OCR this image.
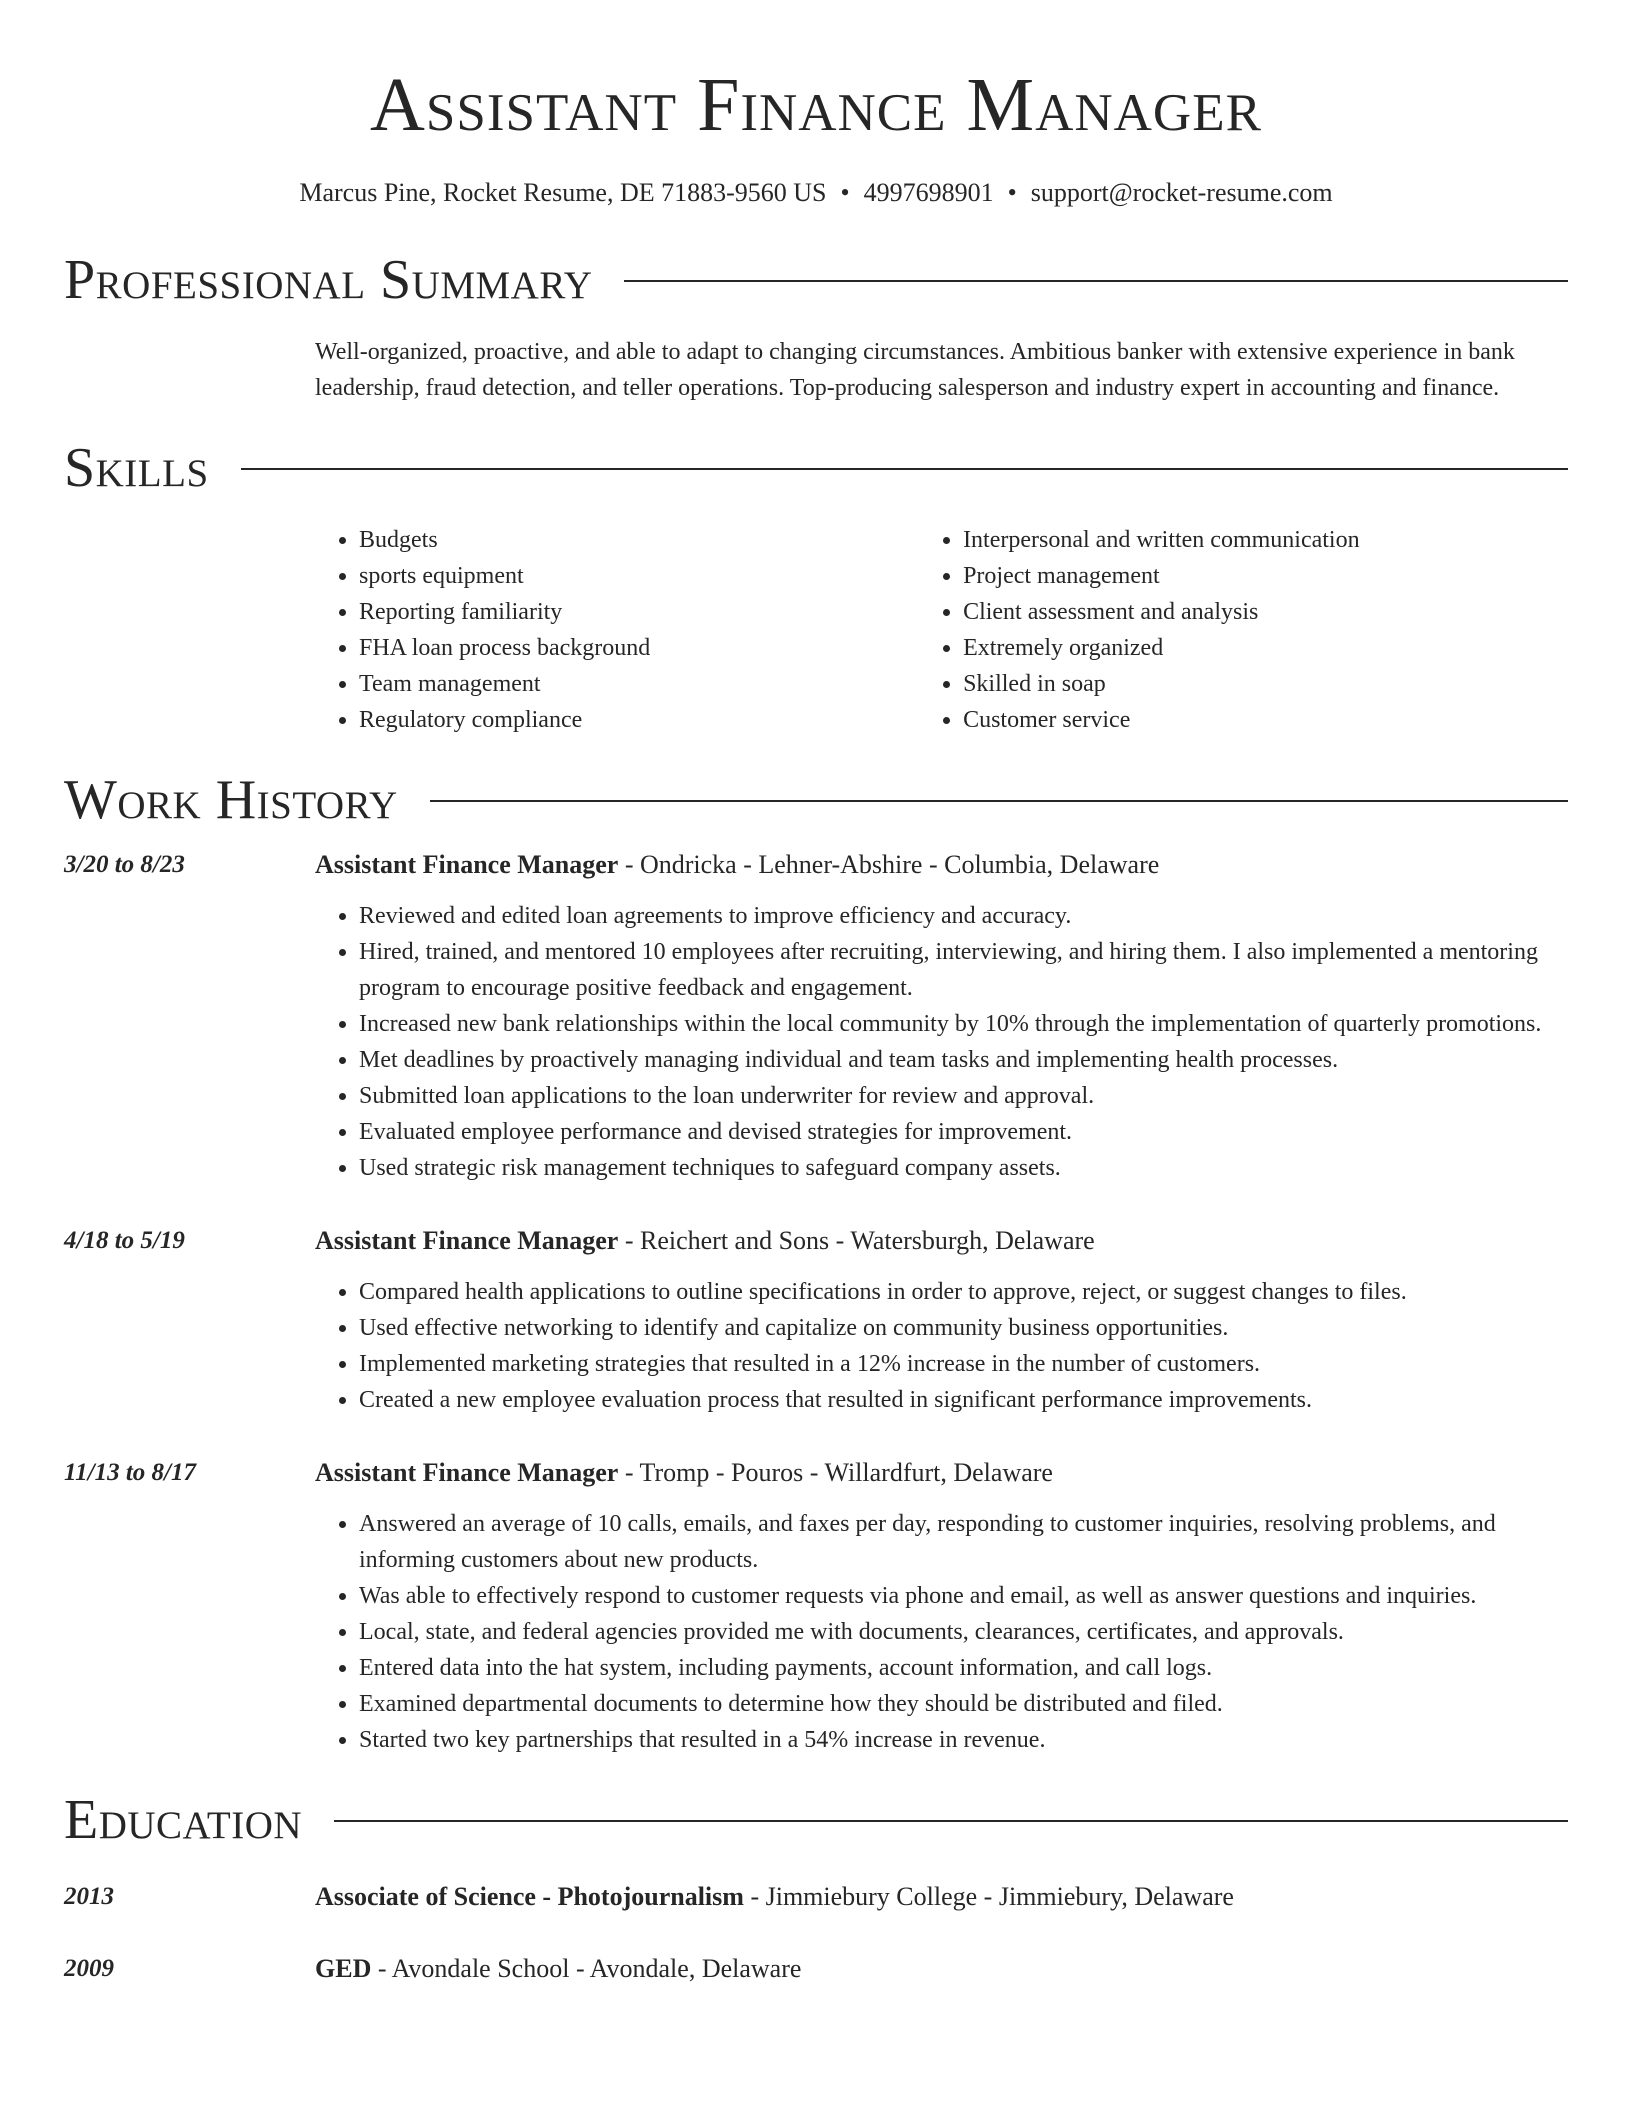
Assistant Finance Manager
Marcus Pine, Rocket Resume, DE 71883-9560 US • 4997698901 • support@rocket-resume.com
Professional Summary
Well-organized, proactive, and able to adapt to changing circumstances. Ambitious banker with extensive experience in bank leadership, fraud detection, and teller operations. Top-producing salesperson and industry expert in accounting and finance.
Skills
• Budgets
• sports equipment
• Reporting familiarity
• FHA loan process background
• Team management
• Regulatory compliance
• Interpersonal and written communication
• Project management
• Client assessment and analysis
• Extremely organized
• Skilled in soap
• Customer service
Work History
3/20 to 8/23	Assistant Finance Manager - Ondricka - Lehner-Abshire - Columbia, Delaware
• Reviewed and edited loan agreements to improve efficiency and accuracy.
• Hired, trained, and mentored 10 employees after recruiting, interviewing, and hiring them. I also implemented a mentoring program to encourage positive feedback and engagement.
• Increased new bank relationships within the local community by 10% through the implementation of quarterly promotions.
• Met deadlines by proactively managing individual and team tasks and implementing health processes.
• Submitted loan applications to the loan underwriter for review and approval.
• Evaluated employee performance and devised strategies for improvement.
• Used strategic risk management techniques to safeguard company assets.
4/18 to 5/19	Assistant Finance Manager - Reichert and Sons - Watersburgh, Delaware
• Compared health applications to outline specifications in order to approve, reject, or suggest changes to files.
• Used effective networking to identify and capitalize on community business opportunities.
• Implemented marketing strategies that resulted in a 12% increase in the number of customers.
• Created a new employee evaluation process that resulted in significant performance improvements.
11/13 to 8/17	Assistant Finance Manager - Tromp - Pouros - Willardfurt, Delaware
• Answered an average of 10 calls, emails, and faxes per day, responding to customer inquiries, resolving problems, and informing customers about new products.
• Was able to effectively respond to customer requests via phone and email, as well as answer questions and inquiries.
• Local, state, and federal agencies provided me with documents, clearances, certificates, and approvals.
• Entered data into the hat system, including payments, account information, and call logs.
• Examined departmental documents to determine how they should be distributed and filed.
• Started two key partnerships that resulted in a 54% increase in revenue.
Education
2013	Associate of Science - Photojournalism - Jimmiebury College - Jimmiebury, Delaware
2009	GED - Avondale School - Avondale, Delaware
